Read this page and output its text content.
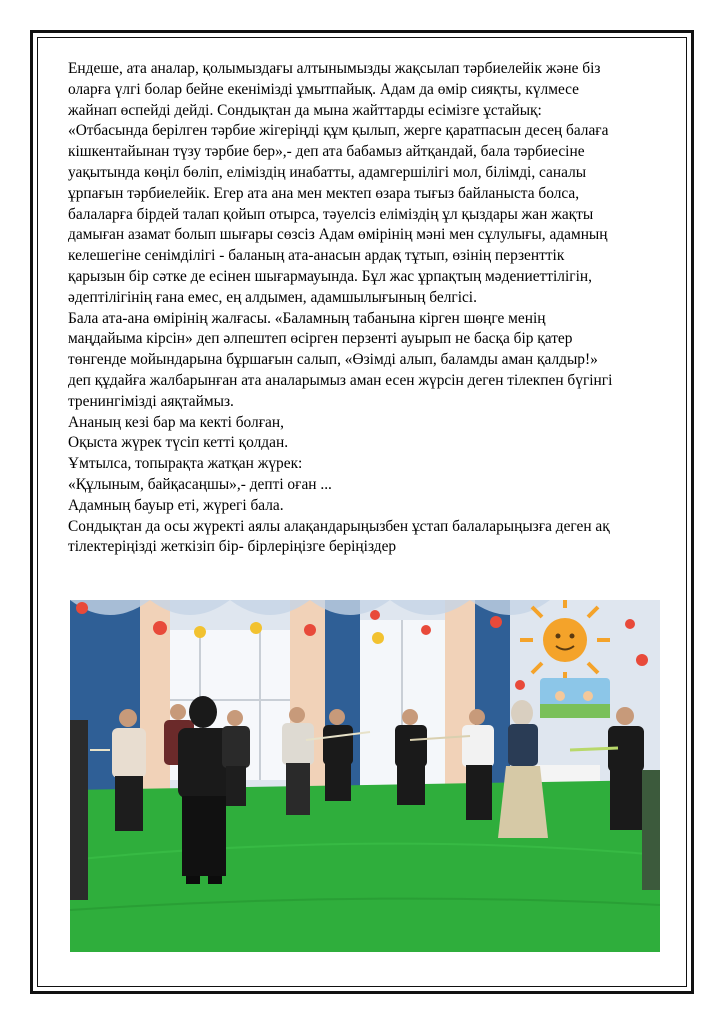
Ендеше, ата аналар, қолымыздағы алтынымызды жақсылап тәрбиелейік және біз

оларға үлгі болар бейне екенімізді ұмытпайық. Адам да өмір сияқты, күлмесе

жайнап өспейді дейді. Сондықтан да мына жайттарды есімізге ұстайық:

«Отбасында берілген тәрбие жігеріңді құм қылып, жерге қаратпасын десең балаға

кішкентайынан түзу тәрбие бер»,- деп ата бабамыз айтқандай, бала тәрбиесіне

уақытында көңіл бөліп, еліміздің инабатты, адамгершілігі мол, білімді, саналы

ұрпағын тәрбиелейік. Егер ата ана мен мектеп өзара тығыз байланыста болса,

балаларға бірдей талап қойып отырса, тәуелсіз еліміздің ұл қыздары жан жақты

дамыған азамат болып шығары сөзсіз Адам өмірінің мәні мен сұлулығы, адамның

келешегіне сенімділігі - баланың ата-анасын ардақ тұтып, өзінің перзенттік

қарызын бір сәтке де есінен шығармауында. Бұл жас ұрпақтың мәдениеттілігін,

әдептілігінің ғана емес, ең алдымен, адамшылығының белгісі.

Бала ата-ана өмірінің жалғасы. «Баламның табанына кірген шөңге менің

маңдайыма кірсін» деп әлпештеп өсірген перзенті ауырып не басқа бір қатер

төнгенде мойындарына бұршағын салып, «Өзімді алып, баламды аман қалдыр!»

деп құдайға жалбарынған ата аналарымыз аман есен жүрсін деген тілекпен бүгінгі

тренингімізді аяқтаймыз.

Ананың кезі бар ма кекті болған,

Оқыста жүрек түсіп кетті қолдан.

Ұмтылса, топырақта жатқан жүрек:

«Құлыным, байқасаңшы»,- депті оған ...

Адамның бауыр еті, жүрегі бала.

Сондықтан да осы жүректі аялы алақандарыңызбен ұстап балаларыңызға деген ақ

тілектеріңізді жеткізіп бір- бірлеріңізге беріңіздер
